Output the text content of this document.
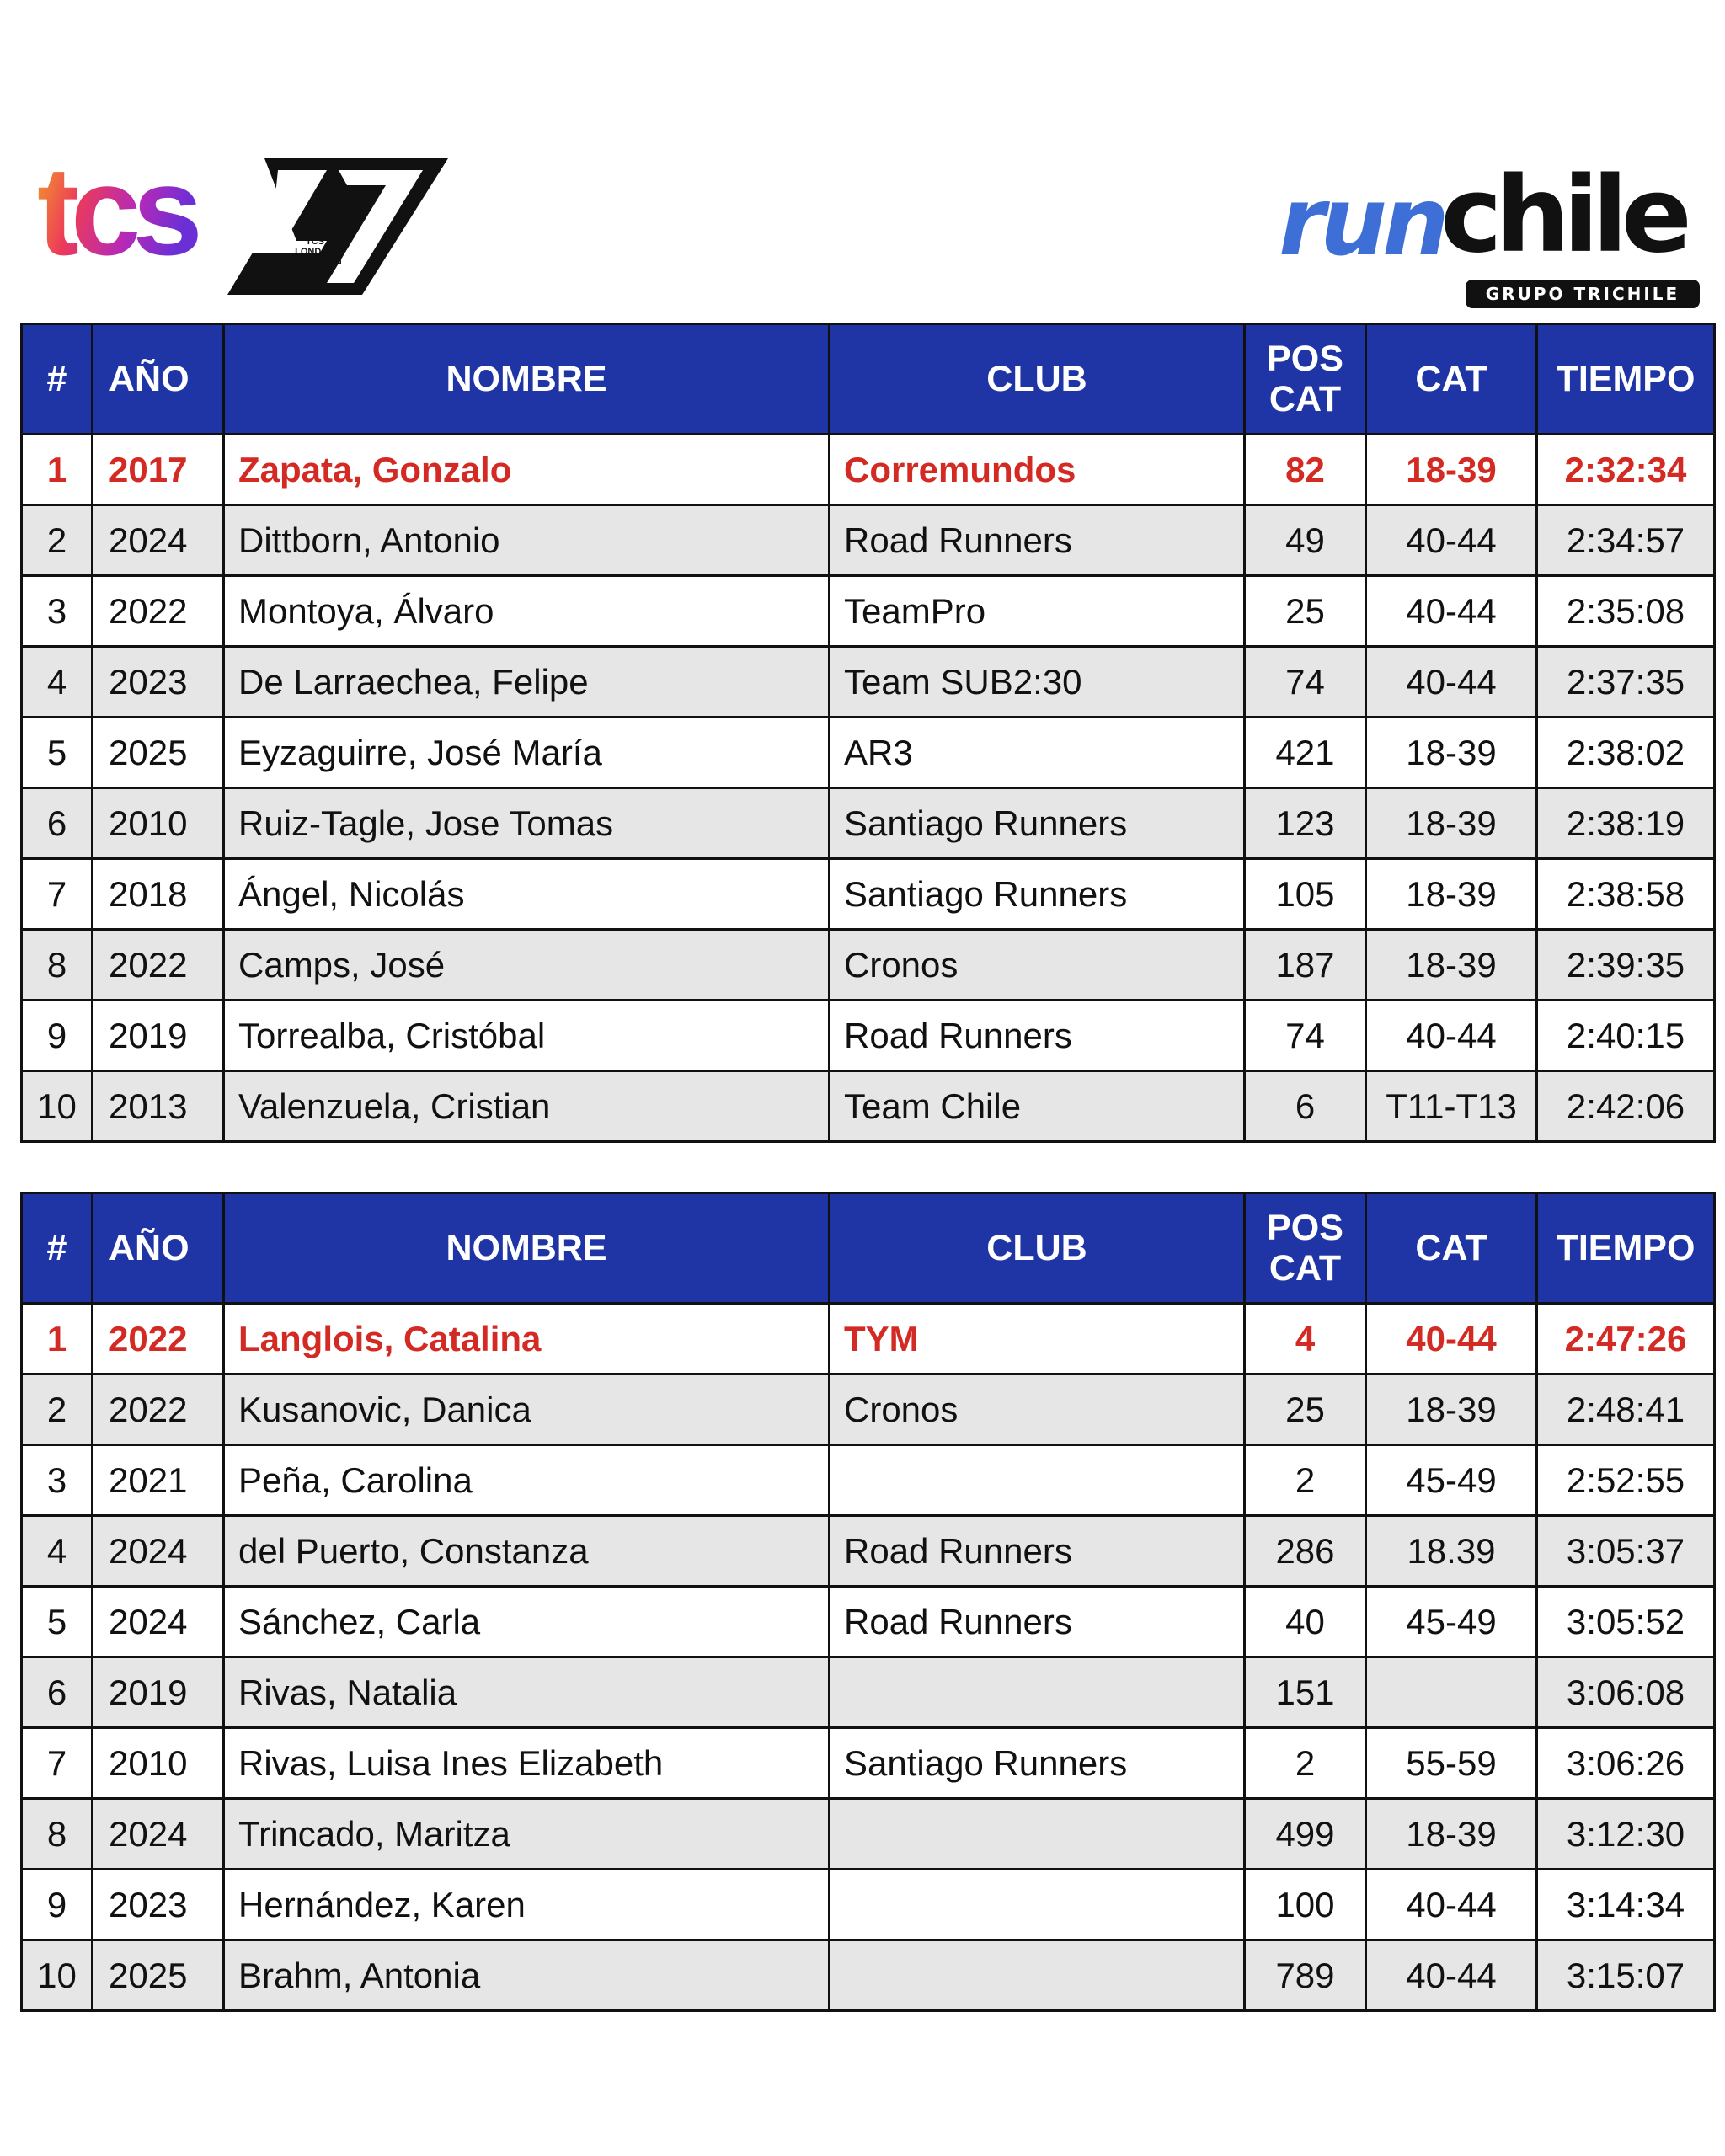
tcs	TCS
LONDON
MARATHON	run
chile
GRUPO TRICHILE
#	AÑO	NOMBRE	CLUB	POS
CAT	CAT	TIEMPO
1	2017	Zapata, Gonzalo	Corremundos	82	18-39	2:32:34
2	2024	Dittborn, Antonio	Road Runners	49	40-44	2:34:57
3	2022	Montoya, Álvaro	TeamPro	25	40-44	2:35:08
4	2023	De Larraechea, Felipe	Team SUB2:30	74	40-44	2:37:35
5	2025	Eyzaguirre, José María	AR3	421	18-39	2:38:02
6	2010	Ruiz-Tagle, Jose Tomas	Santiago Runners	123	18-39	2:38:19
7	2018	Ángel, Nicolás	Santiago Runners	105	18-39	2:38:58
8	2022	Camps, José	Cronos	187	18-39	2:39:35
9	2019	Torrealba, Cristóbal	Road Runners	74	40-44	2:40:15
10	2013	Valenzuela, Cristian	Team Chile	6	T11-T13	2:42:06
#	AÑO	NOMBRE	CLUB	POS
CAT	CAT	TIEMPO
1	2022	Langlois, Catalina	TYM	4	40-44	2:47:26
2	2022	Kusanovic, Danica	Cronos	25	18-39	2:48:41
3	2021	Peña, Carolina		2	45-49	2:52:55
4	2024	del Puerto, Constanza	Road Runners	286	18.39	3:05:37
5	2024	Sánchez, Carla	Road Runners	40	45-49	3:05:52
6	2019	Rivas, Natalia		151		3:06:08
7	2010	Rivas, Luisa Ines Elizabeth	Santiago Runners	2	55-59	3:06:26
8	2024	Trincado, Maritza		499	18-39	3:12:30
9	2023	Hernández, Karen		100	40-44	3:14:34
10	2025	Brahm, Antonia		789	40-44	3:15:07
